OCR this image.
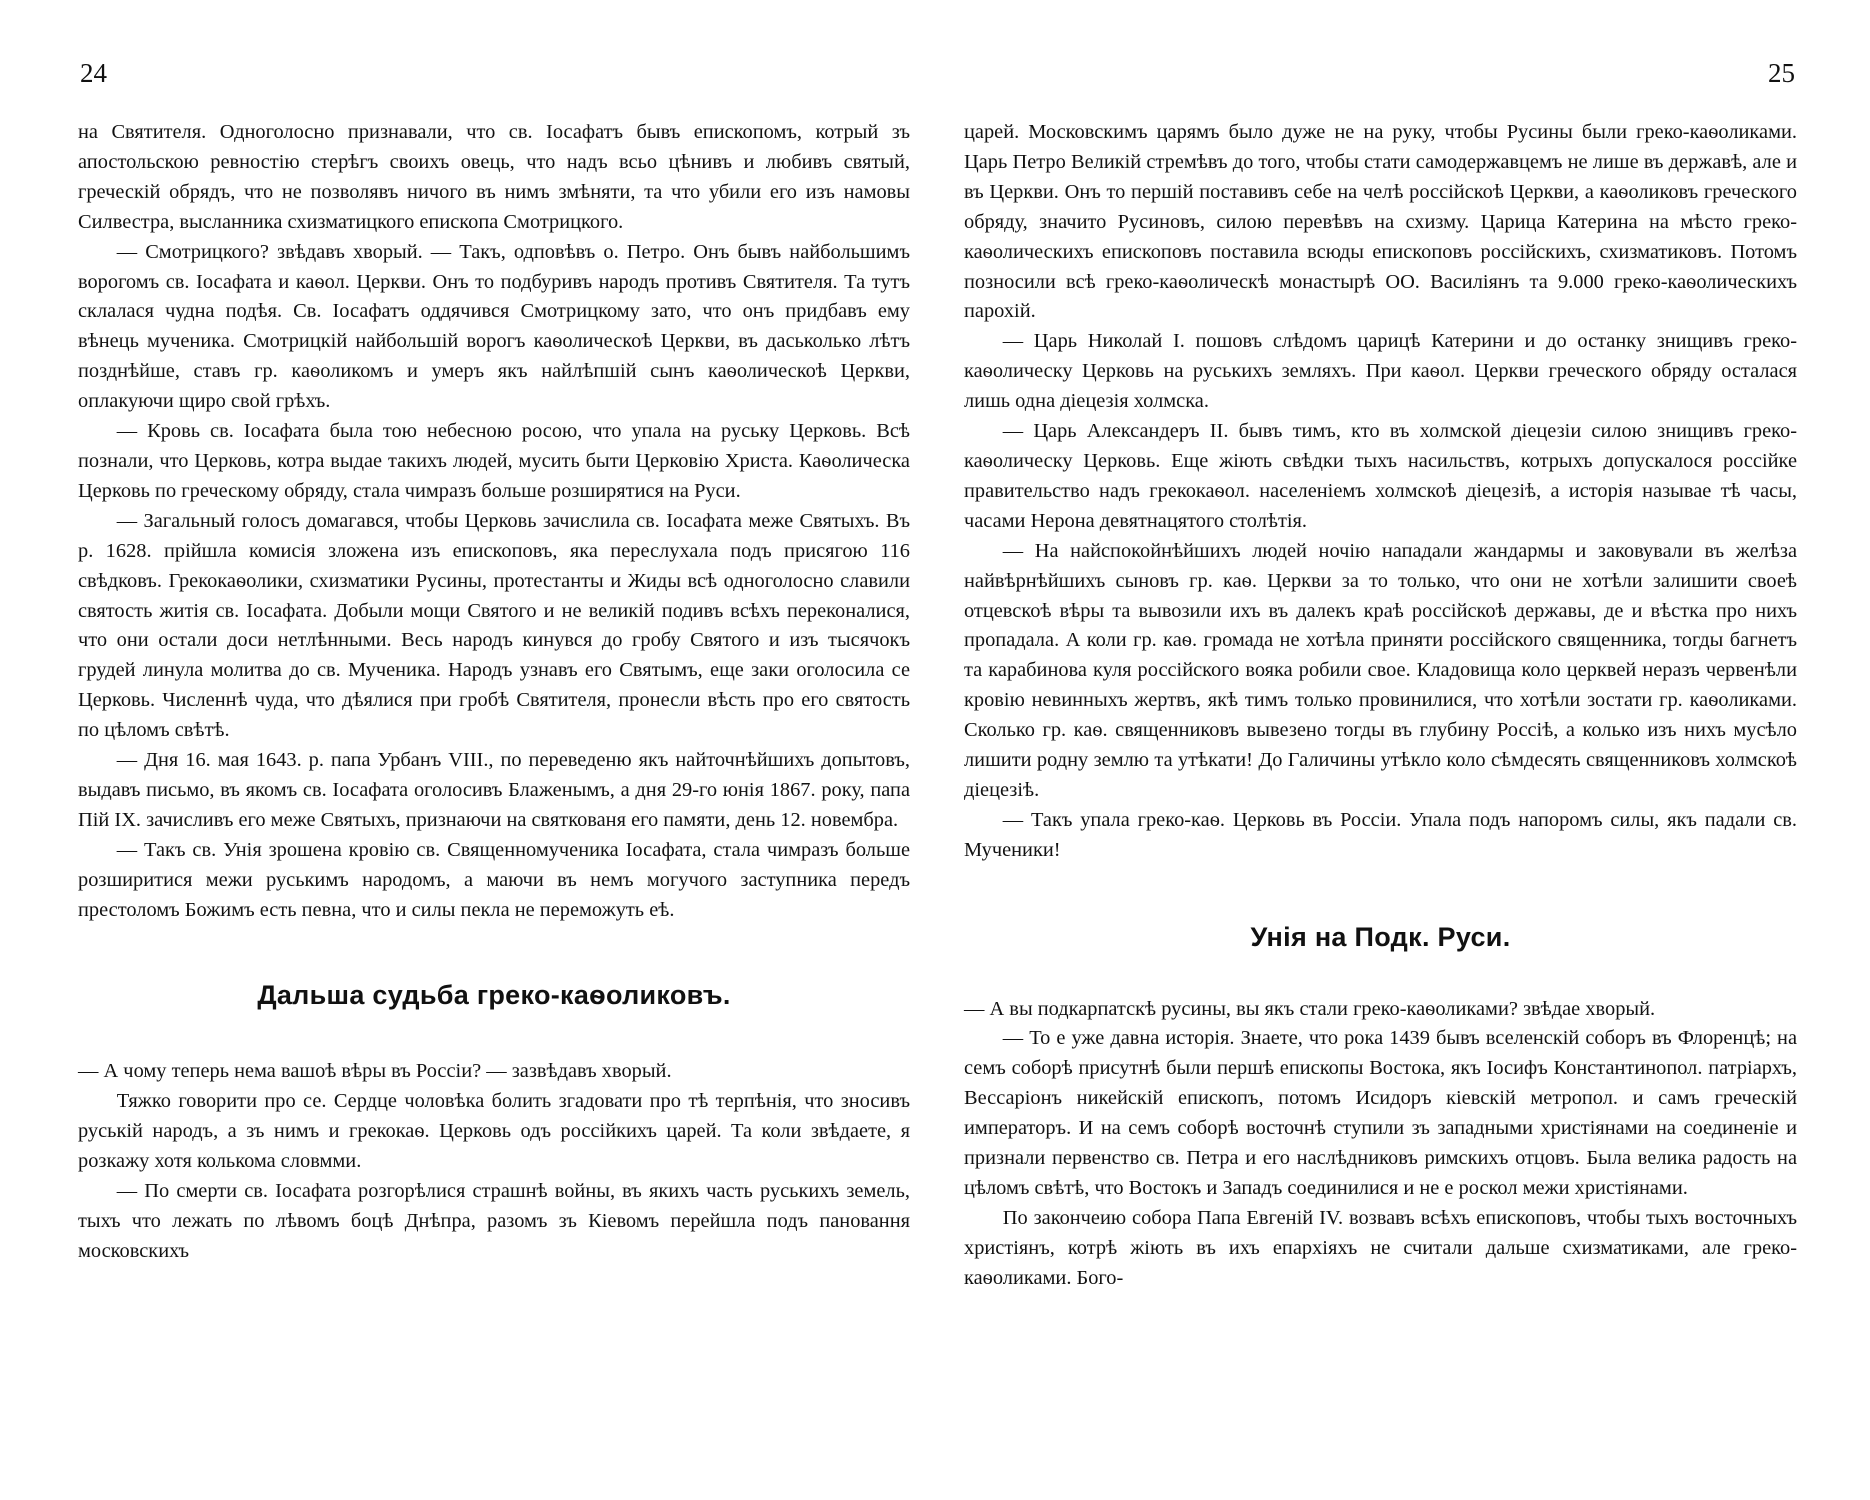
24	25
на Святителя. Одноголосно признавали, что св. Іосафатъ бывъ епископомъ, котрый зъ апостольскою ревностію стерѣгъ своихъ овець, что надъ всьо цѣнивъ и любивъ святый, греческій обрядъ, что не позволявъ ничого въ нимъ змѣняти, та что убили его изъ намовы Силвестра, высланника схизматицкого епископа Смотрицкого.
— Смотрицкого? звѣдавъ хворый. — Такъ, одповѣвъ о. Петро. Онъ бывъ найбольшимъ ворогомъ св. Іосафата и каѳол. Церкви. Онъ то подбуривъ народъ противъ Святителя. Та тутъ склалася чудна подѣя. Св. Іосафатъ оддячився Смотрицкому зато, что онъ придбавъ ему вѣнець мученика. Смотрицкій найбольшій ворогъ каѳолическоѣ Церкви, въ даськолько лѣтъ позднѣйше, ставъ гр. каѳоликомъ и умеръ якъ найлѣпшій сынъ каѳолическоѣ Церкви, оплакуючи щиро свой грѣхъ.
— Кровь св. Іосафата была тою небесною росою, что упала на руську Церковь. Всѣ познали, что Церковь, котра выдае такихъ людей, мусить быти Церковію Христа. Каѳолическа Церковь по греческому обряду, стала чимразъ больше розширятися на Руси.
— Загальный голосъ домагався, чтобы Церковь зачислила св. Іосафата меже Святыхъ. Въ р. 1628. прійшла комисія зложена изъ епископовъ, яка переслухала подъ присягою 116 свѣдковъ. Грекокаѳолики, схизматики Русины, протестанты и Жиды всѣ одноголосно славили святость житія св. Іосафата. Добыли мощи Святого и не великій подивъ всѣхъ переконалися, что они остали доси нетлѣнными. Весь народъ кинувся до гробу Святого и изъ тысячокъ грудей линула молитва до св. Мученика. Народъ узнавъ его Святымъ, еще заки оголосила се Церковь. Численнѣ чуда, что дѣялися при гробѣ Святителя, пронесли вѣсть про его святость по цѣломъ свѣтѣ.
— Дня 16. мая 1643. р. папа Урбанъ VIII., по переведеню якъ найточнѣйшихъ допытовъ, выдавъ письмо, въ якомъ св. Іосафата оголосивъ Блаженымъ, а дня 29-го юнія 1867. року, папа Пій IX. зачисливъ его меже Святыхъ, признаючи на святкованя его памяти, день 12. новембра.
— Такъ св. Унія зрошена кровію св. Священномученика Іосафата, стала чимразъ больше розширитися межи руськимъ народомъ, а маючи въ немъ могучого заступника передъ престоломъ Божимъ есть певна, что и силы пекла не переможуть еѣ.
Дальша судьба греко-каѳоликовъ.
— А чому теперь нема вашоѣ вѣры въ Россіи? — зазвѣдавъ хворый.
Тяжко говорити про се. Сердце чоловѣка болить згадовати про тѣ терпѣнія, что зносивъ руській народъ, а зъ нимъ и грекокаѳ. Церковь одъ россійкихъ царей. Та коли звѣдаете, я розкажу хотя колькома словмми.
— По смерти св. Іосафата розгорѣлися страшнѣ войны, въ якихъ часть руськихъ земель, тыхъ что лежать по лѣвомъ боцѣ Днѣпра, разомъ зъ Кіевомъ перейшла подъ пановання московскихъ
царей. Московскимъ царямъ было дуже не на руку, чтобы Русины были греко-каѳоликами. Царь Петро Великій стремѣвъ до того, чтобы стати самодержавцемъ не лише въ державѣ, але и въ Церкви. Онъ то першій поставивъ себе на челѣ россійскоѣ Церкви, а каѳоликовъ греческого обряду, значито Русиновъ, силою перевѣвъ на схизму. Царица Катерина на мѣсто греко-каѳолическихъ епископовъ поставила всюды епископовъ россійскихъ, схизматиковъ. Потомъ позносили всѣ греко-каѳолическѣ монастырѣ ОО. Василіянъ та 9.000 греко-каѳолическихъ парохій.
— Царь Николай I. пошовъ слѣдомъ царицѣ Катерини и до останку знищивъ греко-каѳолическу Церковь на руськихъ земляхъ. При каѳол. Церкви греческого обряду осталася лишь одна діецезія холмска.
— Царь Александеръ II. бывъ тимъ, кто въ холмской діецезіи силою знищивъ греко-каѳолическу Церковь. Еще жіють свѣдки тыхъ насильствъ, котрыхъ допускалося россійке правительство надъ грекокаѳол. населеніемъ холмскоѣ діецезіѣ, а исторія называе тѣ часы, часами Нерона девятнацятого столѣтія.
— На найспокойнѣйшихъ людей ночію нападали жандармы и заковували въ желѣза найвѣрнѣйшихъ сыновъ гр. каѳ. Церкви за то только, что они не хотѣли залишити своеѣ отцевскоѣ вѣры та вывозили ихъ въ далекъ краѣ россійскоѣ державы, де и вѣстка про нихъ пропадала. А коли гр. каѳ. громада не хотѣла приняти россійского священника, тогды багнетъ та карабинова куля россійского вояка робили свое. Кладовища коло церквей неразъ червенѣли кровію невинныхъ жертвъ, якѣ тимъ только провинилися, что хотѣли зостати гр. каѳоликами. Сколько гр. каѳ. священниковъ вывезено тогды въ глубину Россіѣ, а колько изъ нихъ мусѣло лишити родну землю та утѣкати! До Галичины утѣкло коло сѣмдесять священниковъ холмскоѣ діецезіѣ.
— Такъ упала греко-каѳ. Церковь въ Россіи. Упала подъ напоромъ силы, якъ падали св. Мученики!
Унія на Подк. Руси.
— А вы подкарпатскѣ русины, вы якъ стали греко-каѳоликами? звѣдае хворый.
— То е уже давна исторія. Знаете, что рока 1439 бывъ вселенскій соборъ въ Флоренцѣ; на семъ соборѣ присутнѣ были першѣ епископы Востока, якъ Іосифъ Константинопол. патріархъ, Вессаріонъ никейскій епископъ, потомъ Исидоръ кіевскій метропол. и самъ греческій императоръ. И на семъ соборѣ восточнѣ ступили зъ западными христіянами на соединеніе и признали первенство св. Петра и его наслѣдниковъ римскихъ отцовъ. Была велика радость на цѣломъ свѣтѣ, что Востокъ и Западъ соединилися и не е роскол межи христіянами.
По закончеию собора Папа Евгеній IV. возвавъ всѣхъ епископовъ, чтобы тыхъ восточныхъ христіянъ, котрѣ жіють въ ихъ епархіяхъ не считали дальше схизматиками, але греко-каѳоликами. Бого-
